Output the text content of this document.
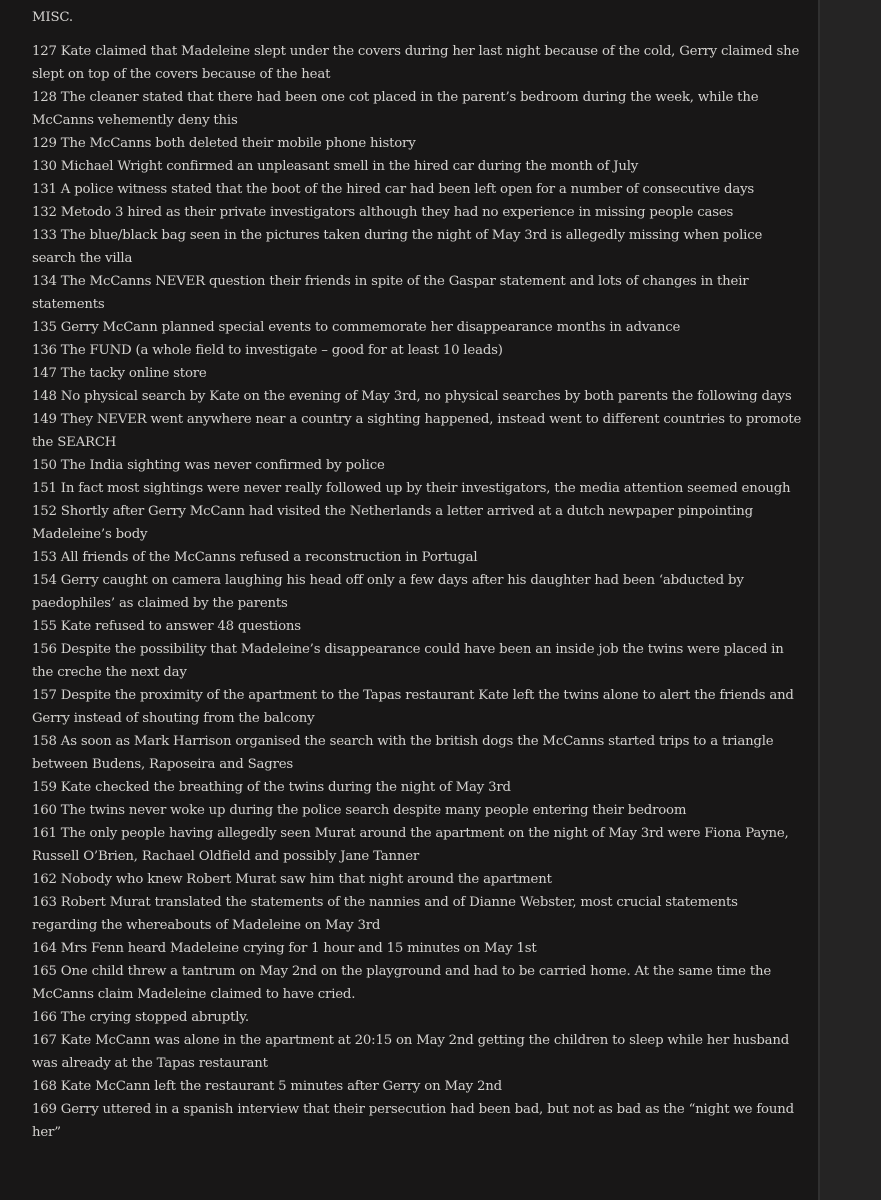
MISC.
127 Kate claimed that Madeleine slept under the covers during her last night because of the cold, Gerry claimed she slept on top of the covers because of the heat
128 The cleaner stated that there had been one cot placed in the parent’s bedroom during the week, while the McCanns vehemently deny this
129 The McCanns both deleted their mobile phone history
130 Michael Wright confirmed an unpleasant smell in the hired car during the month of July
131 A police witness stated that the boot of the hired car had been left open for a number of consecutive days
132 Metodo 3 hired as their private investigators although they had no experience in missing people cases
133 The blue/black bag seen in the pictures taken during the night of May 3rd is allegedly missing when police search the villa
134 The McCanns NEVER question their friends in spite of the Gaspar statement and lots of changes in their statements
135 Gerry McCann planned special events to commemorate her disappearance months in advance
136 The FUND (a whole field to investigate – good for at least 10 leads)
147 The tacky online store
148 No physical search by Kate on the evening of May 3rd, no physical searches by both parents the following days
149 They NEVER went anywhere near a country a sighting happened, instead went to different countries to promote the SEARCH
150 The India sighting was never confirmed by police
151 In fact most sightings were never really followed up by their investigators, the media attention seemed enough
152 Shortly after Gerry McCann had visited the Netherlands a letter arrived at a dutch newpaper pinpointing Madeleine’s body
153 All friends of the McCanns refused a reconstruction in Portugal
154 Gerry caught on camera laughing his head off only a few days after his daughter had been ‘abducted by paedophiles’ as claimed by the parents
155 Kate refused to answer 48 questions
156 Despite the possibility that Madeleine’s disappearance could have been an inside job the twins were placed in the creche the next day
157 Despite the proximity of the apartment to the Tapas restaurant Kate left the twins alone to alert the friends and Gerry instead of shouting from the balcony
158 As soon as Mark Harrison organised the search with the british dogs the McCanns started trips to a triangle between Budens, Raposeira and Sagres
159 Kate checked the breathing of the twins during the night of May 3rd
160 The twins never woke up during the police search despite many people entering their bedroom
161 The only people having allegedly seen Murat around the apartment on the night of May 3rd were Fiona Payne, Russell O’Brien, Rachael Oldfield and possibly Jane Tanner
162 Nobody who knew Robert Murat saw him that night around the apartment
163 Robert Murat translated the statements of the nannies and of Dianne Webster, most crucial statements regarding the whereabouts of Madeleine on May 3rd
164 Mrs Fenn heard Madeleine crying for 1 hour and 15 minutes on May 1st
165 One child threw a tantrum on May 2nd on the playground and had to be carried home. At the same time the McCanns claim Madeleine claimed to have cried.
166 The crying stopped abruptly.
167 Kate McCann was alone in the apartment at 20:15 on May 2nd getting the children to sleep while her husband was already at the Tapas restaurant
168 Kate McCann left the restaurant 5 minutes after Gerry on May 2nd
169 Gerry uttered in a spanish interview that their persecution had been bad, but not as bad as the “night we found her”
